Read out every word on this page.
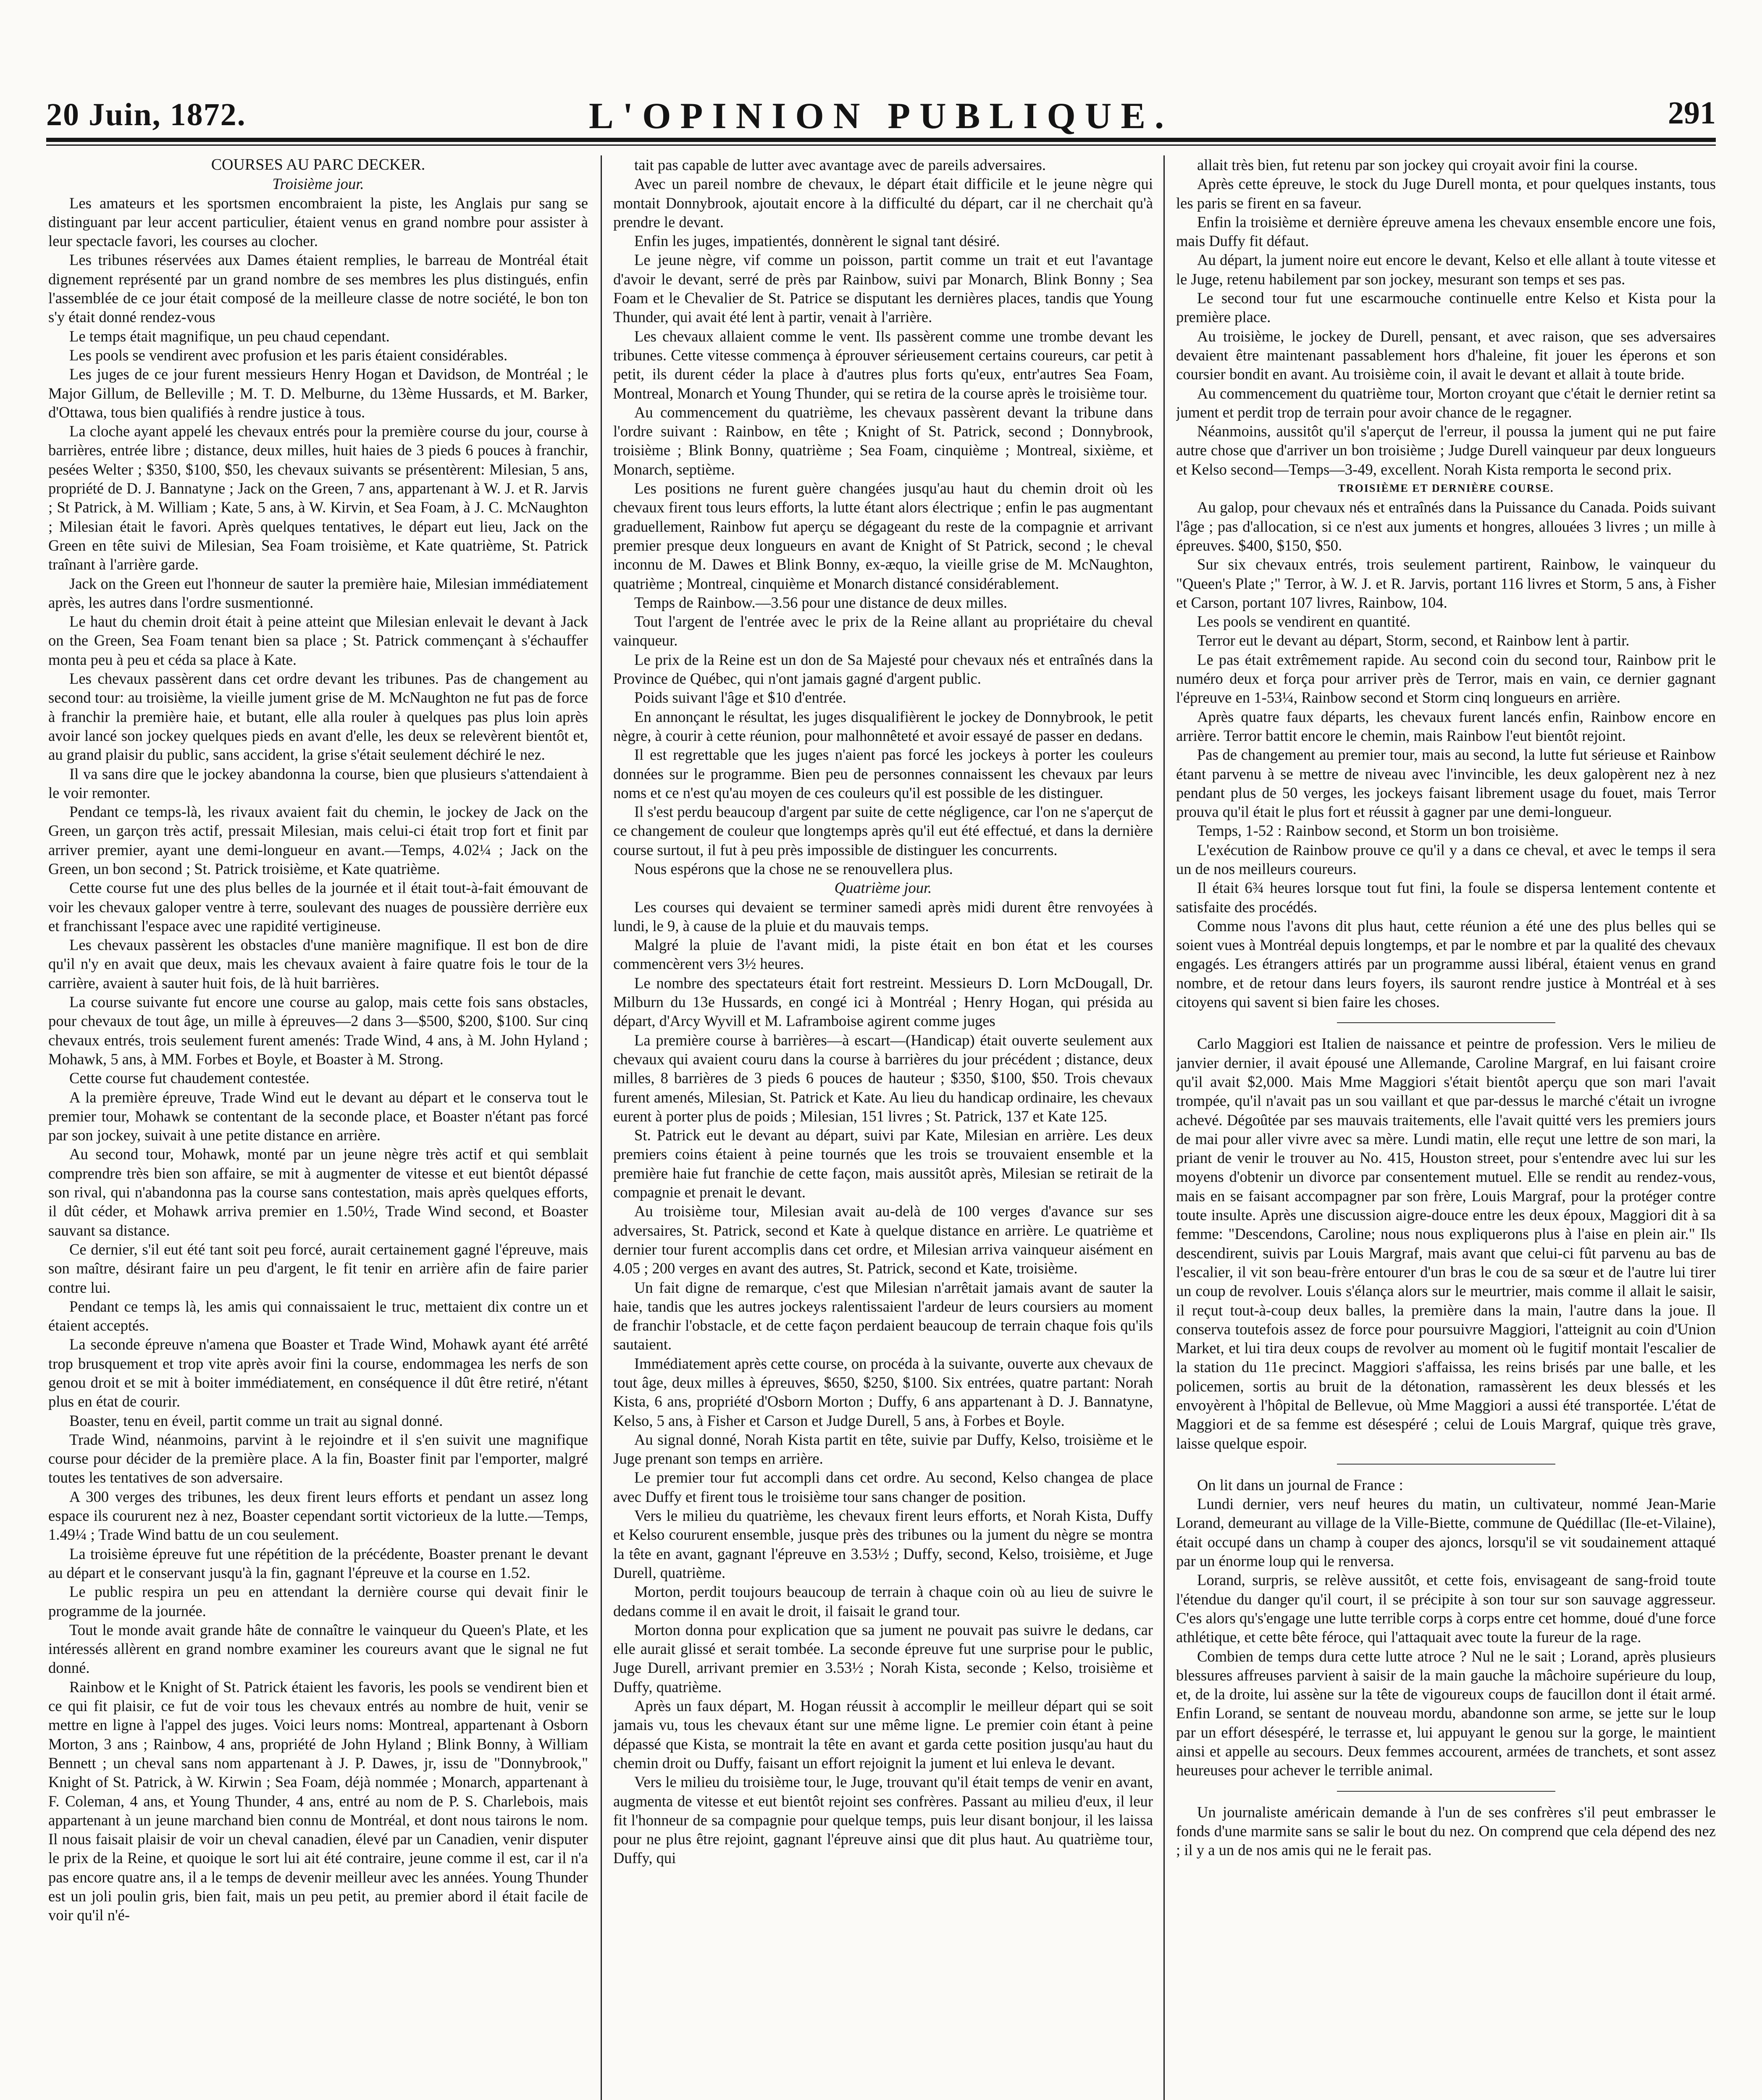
20 Juin, 1872.	L'OPINION PUBLIQUE.	291

COURSES AU PARC DECKER.

Troisième jour.

Les amateurs et les sportsmen encombraient la piste, les Anglais pur sang se distinguant par leur accent particulier, étaient venus en grand nombre pour assister à leur spectacle favori, les courses au clocher.

Les tribunes réservées aux Dames étaient remplies, le barreau de Montréal était dignement représenté par un grand nombre de ses membres les plus distingués, enfin l'assemblée de ce jour était composé de la meilleure classe de notre société, le bon ton s'y était donné rendez-vous

Le temps était magnifique, un peu chaud cependant.

Les pools se vendirent avec profusion et les paris étaient considérables.

Les juges de ce jour furent messieurs Henry Hogan et Davidson, de Montréal ; le Major Gillum, de Belleville ; M. T. D. Melburne, du 13ème Hussards, et M. Barker, d'Ottawa, tous bien qualifiés à rendre justice à tous.

La cloche ayant appelé les chevaux entrés pour la première course du jour, course à barrières, entrée libre ; distance, deux milles, huit haies de 3 pieds 6 pouces à franchir, pesées Welter ; $350, $100, $50, les chevaux suivants se présentèrent: Milesian, 5 ans, propriété de D. J. Bannatyne ; Jack on the Green, 7 ans, appartenant à W. J. et R. Jarvis ; St Patrick, à M. William ; Kate, 5 ans, à W. Kirvin, et Sea Foam, à J. C. McNaughton ; Milesian était le favori. Après quelques tentatives, le départ eut lieu, Jack on the Green en tête suivi de Milesian, Sea Foam troisième, et Kate quatrième, St. Patrick traînant à l'arrière garde.

Jack on the Green eut l'honneur de sauter la première haie, Milesian immédiatement après, les autres dans l'ordre susmentionné.

Le haut du chemin droit était à peine atteint que Milesian enlevait le devant à Jack on the Green, Sea Foam tenant bien sa place ; St. Patrick commençant à s'échauffer monta peu à peu et céda sa place à Kate.

Les chevaux passèrent dans cet ordre devant les tribunes. Pas de changement au second tour: au troisième, la vieille jument grise de M. McNaughton ne fut pas de force à franchir la première haie, et butant, elle alla rouler à quelques pas plus loin après avoir lancé son jockey quelques pieds en avant d'elle, les deux se relevèrent bientôt et, au grand plaisir du public, sans accident, la grise s'était seulement déchiré le nez.

Il va sans dire que le jockey abandonna la course, bien que plusieurs s'attendaient à le voir remonter.

Pendant ce temps-là, les rivaux avaient fait du chemin, le jockey de Jack on the Green, un garçon très actif, pressait Milesian, mais celui-ci était trop fort et finit par arriver premier, ayant une demi-longueur en avant.—Temps, 4.02¼ ; Jack on the Green, un bon second ; St. Patrick troisième, et Kate quatrième.

Cette course fut une des plus belles de la journée et il était tout-à-fait émouvant de voir les chevaux galoper ventre à terre, soulevant des nuages de poussière derrière eux et franchissant l'espace avec une rapidité vertigineuse.

Les chevaux passèrent les obstacles d'une manière magnifique. Il est bon de dire qu'il n'y en avait que deux, mais les chevaux avaient à faire quatre fois le tour de la carrière, avaient à sauter huit fois, de là huit barrières.

La course suivante fut encore une course au galop, mais cette fois sans obstacles, pour chevaux de tout âge, un mille à épreuves—2 dans 3—$500, $200, $100. Sur cinq chevaux entrés, trois seulement furent amenés: Trade Wind, 4 ans, à M. John Hyland ; Mohawk, 5 ans, à MM. Forbes et Boyle, et Boaster à M. Strong.

Cette course fut chaudement contestée.

A la première épreuve, Trade Wind eut le devant au départ et le conserva tout le premier tour, Mohawk se contentant de la seconde place, et Boaster n'étant pas forcé par son jockey, suivait à une petite distance en arrière.

Au second tour, Mohawk, monté par un jeune nègre très actif et qui semblait comprendre très bien son affaire, se mit à augmenter de vitesse et eut bientôt dépassé son rival, qui n'abandonna pas la course sans contestation, mais après quelques efforts, il dût céder, et Mohawk arriva premier en 1.50½, Trade Wind second, et Boaster sauvant sa distance.

Ce dernier, s'il eut été tant soit peu forcé, aurait certainement gagné l'épreuve, mais son maître, désirant faire un peu d'argent, le fit tenir en arrière afin de faire parier contre lui.

Pendant ce temps là, les amis qui connaissaient le truc, mettaient dix contre un et étaient acceptés.

La seconde épreuve n'amena que Boaster et Trade Wind, Mohawk ayant été arrêté trop brusquement et trop vite après avoir fini la course, endommagea les nerfs de son genou droit et se mit à boiter immédiatement, en conséquence il dût être retiré, n'étant plus en état de courir.

Boaster, tenu en éveil, partit comme un trait au signal donné.

Trade Wind, néanmoins, parvint à le rejoindre et il s'en suivit une magnifique course pour décider de la première place. A la fin, Boaster finit par l'emporter, malgré toutes les tentatives de son adversaire.

A 300 verges des tribunes, les deux firent leurs efforts et pendant un assez long espace ils coururent nez à nez, Boaster cependant sortit victorieux de la lutte.—Temps, 1.49¼ ; Trade Wind battu de un cou seulement.

La troisième épreuve fut une répétition de la précédente, Boaster prenant le devant au départ et le conservant jusqu'à la fin, gagnant l'épreuve et la course en 1.52.

Le public respira un peu en attendant la dernière course qui devait finir le programme de la journée.

Tout le monde avait grande hâte de connaître le vainqueur du Queen's Plate, et les intéressés allèrent en grand nombre examiner les coureurs avant que le signal ne fut donné.

Rainbow et le Knight of St. Patrick étaient les favoris, les pools se vendirent bien et ce qui fit plaisir, ce fut de voir tous les chevaux entrés au nombre de huit, venir se mettre en ligne à l'appel des juges. Voici leurs noms: Montreal, appartenant à Osborn Morton, 3 ans ; Rainbow, 4 ans, propriété de John Hyland ; Blink Bonny, à William Bennett ; un cheval sans nom appartenant à J. P. Dawes, jr, issu de "Donnybrook," Knight of St. Patrick, à W. Kirwin ; Sea Foam, déjà nommée ; Monarch, appartenant à F. Coleman, 4 ans, et Young Thunder, 4 ans, entré au nom de P. S. Charlebois, mais appartenant à un jeune marchand bien connu de Montréal, et dont nous tairons le nom. Il nous faisait plaisir de voir un cheval canadien, élevé par un Canadien, venir disputer le prix de la Reine, et quoique le sort lui ait été contraire, jeune comme il est, car il n'a pas encore quatre ans, il a le temps de devenir meilleur avec les années. Young Thunder est un joli poulin gris, bien fait, mais un peu petit, au premier abord il était facile de voir qu'il n'é-

tait pas capable de lutter avec avantage avec de pareils adversaires.

Avec un pareil nombre de chevaux, le départ était difficile et le jeune nègre qui montait Donnybrook, ajoutait encore à la difficulté du départ, car il ne cherchait qu'à prendre le devant.

Enfin les juges, impatientés, donnèrent le signal tant désiré.

Le jeune nègre, vif comme un poisson, partit comme un trait et eut l'avantage d'avoir le devant, serré de près par Rainbow, suivi par Monarch, Blink Bonny ; Sea Foam et le Chevalier de St. Patrice se disputant les dernières places, tandis que Young Thunder, qui avait été lent à partir, venait à l'arrière.

Les chevaux allaient comme le vent. Ils passèrent comme une trombe devant les tribunes. Cette vitesse commença à éprouver sérieusement certains coureurs, car petit à petit, ils durent céder la place à d'autres plus forts qu'eux, entr'autres Sea Foam, Montreal, Monarch et Young Thunder, qui se retira de la course après le troisième tour.

Au commencement du quatrième, les chevaux passèrent devant la tribune dans l'ordre suivant : Rainbow, en tête ; Knight of St. Patrick, second ; Donnybrook, troisième ; Blink Bonny, quatrième ; Sea Foam, cinquième ; Montreal, sixième, et Monarch, septième.

Les positions ne furent guère changées jusqu'au haut du chemin droit où les chevaux firent tous leurs efforts, la lutte étant alors électrique ; enfin le pas augmentant graduellement, Rainbow fut aperçu se dégageant du reste de la compagnie et arrivant premier presque deux longueurs en avant de Knight of St Patrick, second ; le cheval inconnu de M. Dawes et Blink Bonny, ex-æquo, la vieille grise de M. McNaughton, quatrième ; Montreal, cinquième et Monarch distancé considérablement.

Temps de Rainbow.—3.56 pour une distance de deux milles.

Tout l'argent de l'entrée avec le prix de la Reine allant au propriétaire du cheval vainqueur.

Le prix de la Reine est un don de Sa Majesté pour chevaux nés et entraînés dans la Province de Québec, qui n'ont jamais gagné d'argent public.

Poids suivant l'âge et $10 d'entrée.

En annonçant le résultat, les juges disqualifièrent le jockey de Donnybrook, le petit nègre, à courir à cette réunion, pour malhonnêteté et avoir essayé de passer en dedans.

Il est regrettable que les juges n'aient pas forcé les jockeys à porter les couleurs données sur le programme. Bien peu de personnes connaissent les chevaux par leurs noms et ce n'est qu'au moyen de ces couleurs qu'il est possible de les distinguer.

Il s'est perdu beaucoup d'argent par suite de cette négligence, car l'on ne s'aperçut de ce changement de couleur que longtemps après qu'il eut été effectué, et dans la dernière course surtout, il fut à peu près impossible de distinguer les concurrents.

Nous espérons que la chose ne se renouvellera plus.

Quatrième jour.

Les courses qui devaient se terminer samedi après midi durent être renvoyées à lundi, le 9, à cause de la pluie et du mauvais temps.

Malgré la pluie de l'avant midi, la piste était en bon état et les courses commencèrent vers 3½ heures.

Le nombre des spectateurs était fort restreint. Messieurs D. Lorn McDougall, Dr. Milburn du 13e Hussards, en congé ici à Montréal ; Henry Hogan, qui présida au départ, d'Arcy Wyvill et M. Laframboise agirent comme juges

La première course à barrières—à escart—(Handicap) était ouverte seulement aux chevaux qui avaient couru dans la course à barrières du jour précédent ; distance, deux milles, 8 barrières de 3 pieds 6 pouces de hauteur ; $350, $100, $50. Trois chevaux furent amenés, Milesian, St. Patrick et Kate. Au lieu du handicap ordinaire, les chevaux eurent à porter plus de poids ; Milesian, 151 livres ; St. Patrick, 137 et Kate 125.

St. Patrick eut le devant au départ, suivi par Kate, Milesian en arrière. Les deux premiers coins étaient à peine tournés que les trois se trouvaient ensemble et la première haie fut franchie de cette façon, mais aussitôt après, Milesian se retirait de la compagnie et prenait le devant.

Au troisième tour, Milesian avait au-delà de 100 verges d'avance sur ses adversaires, St. Patrick, second et Kate à quelque distance en arrière. Le quatrième et dernier tour furent accomplis dans cet ordre, et Milesian arriva vainqueur aisément en 4.05 ; 200 verges en avant des autres, St. Patrick, second et Kate, troisième.

Un fait digne de remarque, c'est que Milesian n'arrêtait jamais avant de sauter la haie, tandis que les autres jockeys ralentissaient l'ardeur de leurs coursiers au moment de franchir l'obstacle, et de cette façon perdaient beaucoup de terrain chaque fois qu'ils sautaient.

Immédiatement après cette course, on procéda à la suivante, ouverte aux chevaux de tout âge, deux milles à épreuves, $650, $250, $100. Six entrées, quatre partant: Norah Kista, 6 ans, propriété d'Osborn Morton ; Duffy, 6 ans appartenant à D. J. Bannatyne, Kelso, 5 ans, à Fisher et Carson et Judge Durell, 5 ans, à Forbes et Boyle.

Au signal donné, Norah Kista partit en tête, suivie par Duffy, Kelso, troisième et le Juge prenant son temps en arrière.

Le premier tour fut accompli dans cet ordre. Au second, Kelso changea de place avec Duffy et firent tous le troisième tour sans changer de position.

Vers le milieu du quatrième, les chevaux firent leurs efforts, et Norah Kista, Duffy et Kelso coururent ensemble, jusque près des tribunes ou la jument du nègre se montra la tête en avant, gagnant l'épreuve en 3.53½ ; Duffy, second, Kelso, troisième, et Juge Durell, quatrième.

Morton, perdit toujours beaucoup de terrain à chaque coin où au lieu de suivre le dedans comme il en avait le droit, il faisait le grand tour.

Morton donna pour explication que sa jument ne pouvait pas suivre le dedans, car elle aurait glissé et serait tombée. La seconde épreuve fut une surprise pour le public, Juge Durell, arrivant premier en 3.53½ ; Norah Kista, seconde ; Kelso, troisième et Duffy, quatrième.

Après un faux départ, M. Hogan réussit à accomplir le meilleur départ qui se soit jamais vu, tous les chevaux étant sur une même ligne. Le premier coin étant à peine dépassé que Kista, se montrait la tête en avant et garda cette position jusqu'au haut du chemin droit ou Duffy, faisant un effort rejoignit la jument et lui enleva le devant.

Vers le milieu du troisième tour, le Juge, trouvant qu'il était temps de venir en avant, augmenta de vitesse et eut bientôt rejoint ses confrères. Passant au milieu d'eux, il leur fit l'honneur de sa compagnie pour quelque temps, puis leur disant bonjour, il les laissa pour ne plus être rejoint, gagnant l'épreuve ainsi que dit plus haut. Au quatrième tour, Duffy, qui

allait très bien, fut retenu par son jockey qui croyait avoir fini la course.

Après cette épreuve, le stock du Juge Durell monta, et pour quelques instants, tous les paris se firent en sa faveur.

Enfin la troisième et dernière épreuve amena les chevaux ensemble encore une fois, mais Duffy fit défaut.

Au départ, la jument noire eut encore le devant, Kelso et elle allant à toute vitesse et le Juge, retenu habilement par son jockey, mesurant son temps et ses pas.

Le second tour fut une escarmouche continuelle entre Kelso et Kista pour la première place.

Au troisième, le jockey de Durell, pensant, et avec raison, que ses adversaires devaient être maintenant passablement hors d'haleine, fit jouer les éperons et son coursier bondit en avant. Au troisième coin, il avait le devant et allait à toute bride.

Au commencement du quatrième tour, Morton croyant que c'était le dernier retint sa jument et perdit trop de terrain pour avoir chance de le regagner.

Néanmoins, aussitôt qu'il s'aperçut de l'erreur, il poussa la jument qui ne put faire autre chose que d'arriver un bon troisième ; Judge Durell vainqueur par deux longueurs et Kelso second—Temps—3-49, excellent. Norah Kista remporta le second prix.

TROISIÈME ET DERNIÈRE COURSE.

Au galop, pour chevaux nés et entraînés dans la Puissance du Canada. Poids suivant l'âge ; pas d'allocation, si ce n'est aux juments et hongres, allouées 3 livres ; un mille à épreuves. $400, $150, $50.

Sur six chevaux entrés, trois seulement partirent, Rainbow, le vainqueur du "Queen's Plate ;" Terror, à W. J. et R. Jarvis, portant 116 livres et Storm, 5 ans, à Fisher et Carson, portant 107 livres, Rainbow, 104.

Les pools se vendirent en quantité.

Terror eut le devant au départ, Storm, second, et Rainbow lent à partir.

Le pas était extrêmement rapide. Au second coin du second tour, Rainbow prit le numéro deux et força pour arriver près de Terror, mais en vain, ce dernier gagnant l'épreuve en 1-53¼, Rainbow second et Storm cinq longueurs en arrière.

Après quatre faux départs, les chevaux furent lancés enfin, Rainbow encore en arrière. Terror battit encore le chemin, mais Rainbow l'eut bientôt rejoint.

Pas de changement au premier tour, mais au second, la lutte fut sérieuse et Rainbow étant parvenu à se mettre de niveau avec l'invincible, les deux galopèrent nez à nez pendant plus de 50 verges, les jockeys faisant librement usage du fouet, mais Terror prouva qu'il était le plus fort et réussit à gagner par une demi-longueur.

Temps, 1-52 : Rainbow second, et Storm un bon troisième.

L'exécution de Rainbow prouve ce qu'il y a dans ce cheval, et avec le temps il sera un de nos meilleurs coureurs.

Il était 6¾ heures lorsque tout fut fini, la foule se dispersa lentement contente et satisfaite des procédés.

Comme nous l'avons dit plus haut, cette réunion a été une des plus belles qui se soient vues à Montréal depuis longtemps, et par le nombre et par la qualité des chevaux engagés. Les étrangers attirés par un programme aussi libéral, étaient venus en grand nombre, et de retour dans leurs foyers, ils sauront rendre justice à Montréal et à ses citoyens qui savent si bien faire les choses.

Carlo Maggiori est Italien de naissance et peintre de profession. Vers le milieu de janvier dernier, il avait épousé une Allemande, Caroline Margraf, en lui faisant croire qu'il avait $2,000. Mais Mme Maggiori s'était bientôt aperçu que son mari l'avait trompée, qu'il n'avait pas un sou vaillant et que par-dessus le marché c'était un ivrogne achevé. Dégoûtée par ses mauvais traitements, elle l'avait quitté vers les premiers jours de mai pour aller vivre avec sa mère. Lundi matin, elle reçut une lettre de son mari, la priant de venir le trouver au No. 415, Houston street, pour s'entendre avec lui sur les moyens d'obtenir un divorce par consentement mutuel. Elle se rendit au rendez-vous, mais en se faisant accompagner par son frère, Louis Margraf, pour la protéger contre toute insulte. Après une discussion aigre-douce entre les deux époux, Maggiori dit à sa femme: "Descendons, Caroline; nous nous expliquerons plus à l'aise en plein air." Ils descendirent, suivis par Louis Margraf, mais avant que celui-ci fût parvenu au bas de l'escalier, il vit son beau-frère entourer d'un bras le cou de sa sœur et de l'autre lui tirer un coup de revolver. Louis s'élança alors sur le meurtrier, mais comme il allait le saisir, il reçut tout-à-coup deux balles, la première dans la main, l'autre dans la joue. Il conserva toutefois assez de force pour poursuivre Maggiori, l'atteignit au coin d'Union Market, et lui tira deux coups de revolver au moment où le fugitif montait l'escalier de la station du 11e precinct. Maggiori s'affaissa, les reins brisés par une balle, et les policemen, sortis au bruit de la détonation, ramassèrent les deux blessés et les envoyèrent à l'hôpital de Bellevue, où Mme Maggiori a aussi été transportée. L'état de Maggiori et de sa femme est désespéré ; celui de Louis Margraf, quique très grave, laisse quelque espoir.

On lit dans un journal de France :

Lundi dernier, vers neuf heures du matin, un cultivateur, nommé Jean-Marie Lorand, demeurant au village de la Ville-Biette, commune de Quédillac (Ile-et-Vilaine), était occupé dans un champ à couper des ajoncs, lorsqu'il se vit soudainement attaqué par un énorme loup qui le renversa.

Lorand, surpris, se relève aussitôt, et cette fois, envisageant de sang-froid toute l'étendue du danger qu'il court, il se précipite à son tour sur son sauvage aggresseur. C'es alors qu's'engage une lutte terrible corps à corps entre cet homme, doué d'une force athlétique, et cette bête féroce, qui l'attaquait avec toute la fureur de la rage.

Combien de temps dura cette lutte atroce ? Nul ne le sait ; Lorand, après plusieurs blessures affreuses parvient à saisir de la main gauche la mâchoire supérieure du loup, et, de la droite, lui assène sur la tête de vigoureux coups de faucillon dont il était armé. Enfin Lorand, se sentant de nouveau mordu, abandonne son arme, se jette sur le loup par un effort désespéré, le terrasse et, lui appuyant le genou sur la gorge, le maintient ainsi et appelle au secours. Deux femmes accourent, armées de tranchets, et sont assez heureuses pour achever le terrible animal.

Un journaliste américain demande à l'un de ses confrères s'il peut embrasser le fonds d'une marmite sans se salir le bout du nez. On comprend que cela dépend des nez ; il y a un de nos amis qui ne le ferait pas.
